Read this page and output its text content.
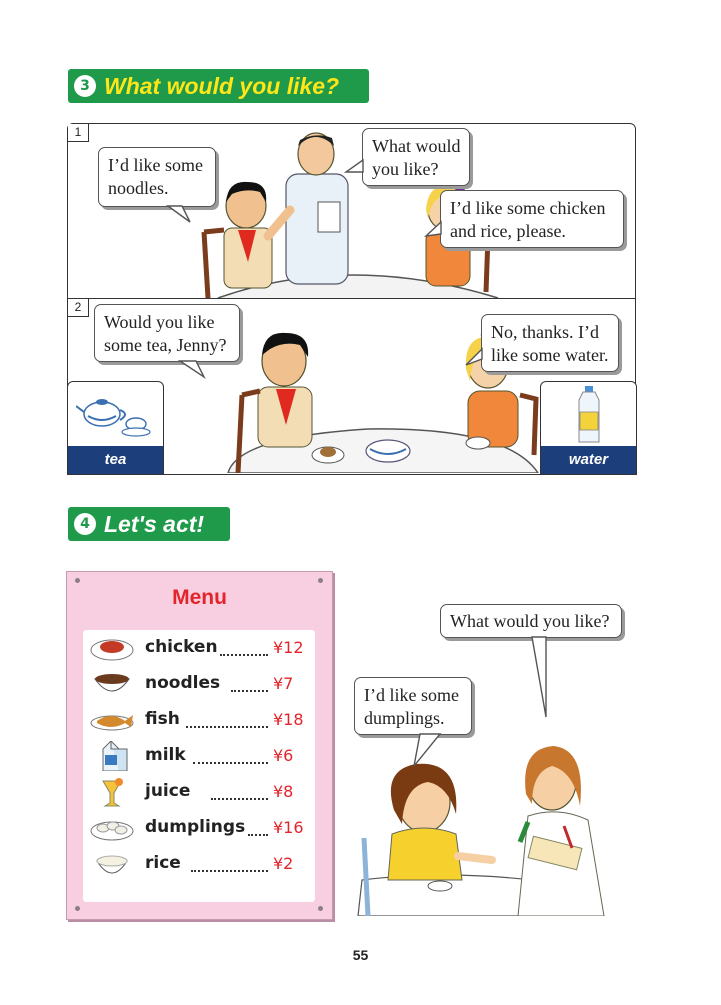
3 What would you like?
1
I’d like some
noodles.
What would
you like?
I’d like some chicken
and rice, please.
2
Would you like
some tea, Jenny?
No, thanks. I’d
like some water.
tea	water
4 Let's act!
Menu
chicken	¥12
noodles	¥7
fish	¥18
milk	¥6
juice	¥8
dumplings ¥16
rice	¥2
What would you like?
I’d like some
dumplings.
55
